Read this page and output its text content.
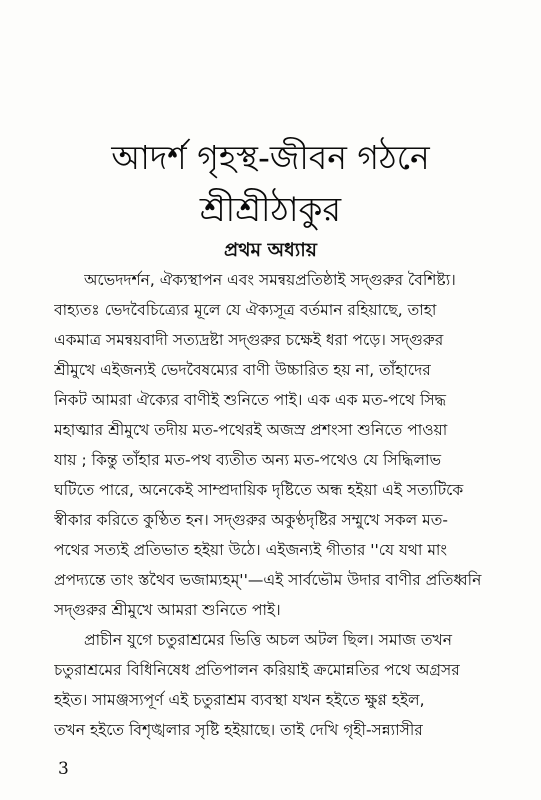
আদর্শ গৃহস্থ-জীবন গঠনে
শ্রীশ্রীঠাকুর
প্রথম অধ্যায়
অভেদদর্শন, ঐক্যস্থাপন এবং সমন্বয়প্রতিষ্ঠাই সদ্‌গুরুর বৈশিষ্ট্য।
বাহ্যতঃ ভেদবৈচিত্র্যের মূলে যে ঐক্যসূত্র বর্তমান রহিয়াছে, তাহা
একমাত্র সমন্বয়বাদী সত্যদ্রষ্টা সদ্‌গুরুর চক্ষেই ধরা পড়ে। সদ্‌গুরুর
শ্রীমুখে এইজন্যই ভেদবৈষম্যের বাণী উচ্চারিত হয় না, তাঁহাদের
নিকট আমরা ঐক্যের বাণীই শুনিতে পাই। এক এক মত-পথে সিদ্ধ
মহাত্মার শ্রীমুখে তদীয় মত-পথেরই অজস্র প্রশংসা শুনিতে পাওয়া
যায় ; কিন্তু তাঁহার মত-পথ ব্যতীত অন্য মত-পথেও যে সিদ্ধিলাভ
ঘটিতে পারে, অনেকেই সাম্প্রদায়িক দৃষ্টিতে অন্ধ হইয়া এই সত্যটিকে
স্বীকার করিতে কুণ্ঠিত হন। সদ্‌গুরুর অকুণ্ঠদৃষ্টির সম্মুখে সকল মত-
পথের সত্যই প্রতিভাত হইয়া উঠে। এইজন্যই গীতার ''যে যথা মাং
প্রপদ্যন্তে তাং স্তথৈব ভজাম্যহম্''—এই সার্বভৌম উদার বাণীর প্রতিধ্বনি
সদ্‌গুরুর শ্রীমুখে আমরা শুনিতে পাই।
প্রাচীন যুগে চতুরাশ্রমের ভিত্তি অচল অটল ছিল। সমাজ তখন
চতুরাশ্রমের বিধিনিষেধ প্রতিপালন করিয়াই ক্রমোন্নতির পথে অগ্রসর
হইত। সামঞ্জস্যপূর্ণ এই চতুরাশ্রম ব্যবস্থা যখন হইতে ক্ষুণ্ণ হইল,
তখন হইতে বিশৃঙ্খলার সৃষ্টি হইয়াছে। তাই দেখি গৃহী-সন্ন্যাসীর
3
